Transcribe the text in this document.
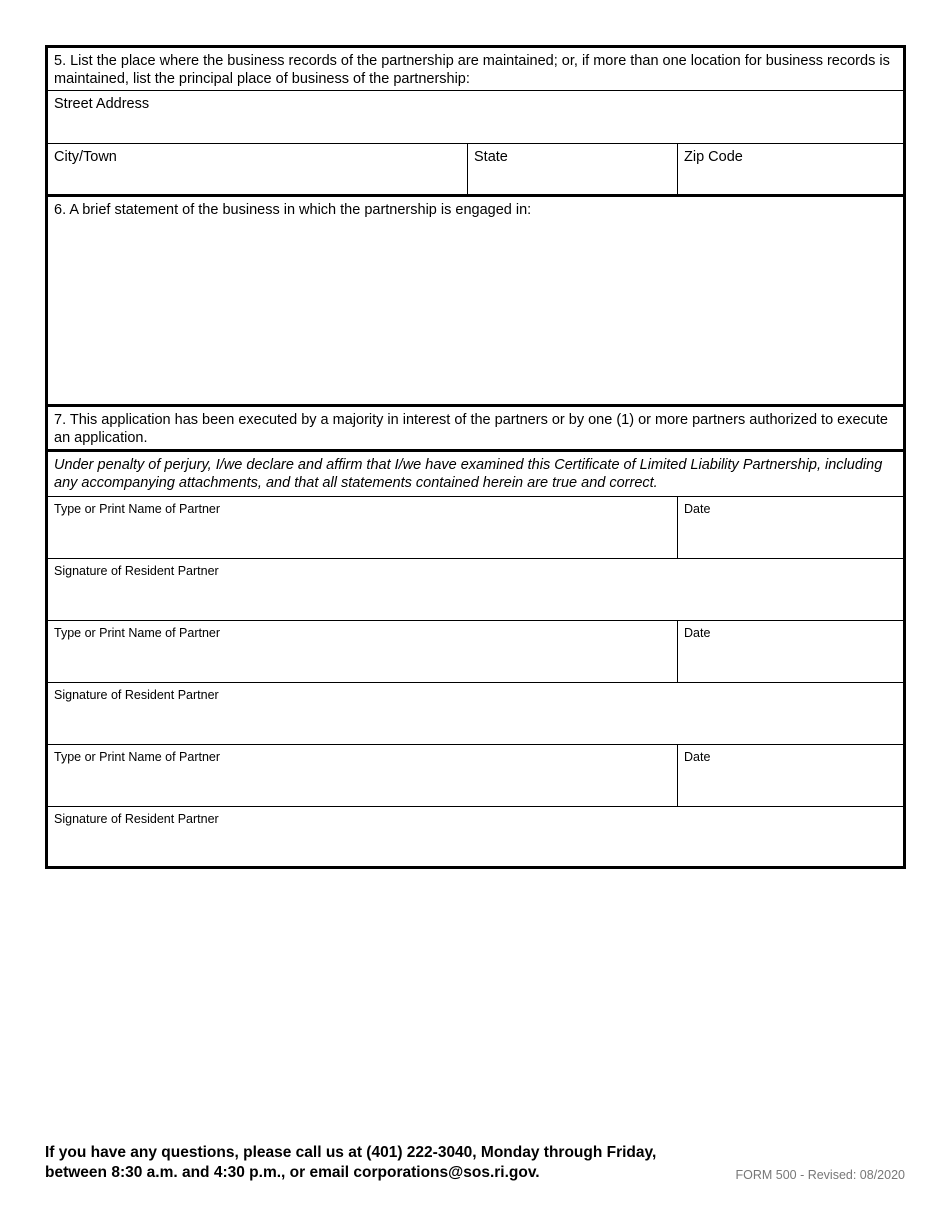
5. List the place where the business records of the partnership are maintained; or, if more than one location for business records is maintained, list the principal place of business of the partnership:
Street Address
City/Town	State	Zip Code
6. A brief statement of the business in which the partnership is engaged in:
7. This application has been executed by a majority in interest of the partners or by one (1) or more partners authorized to execute an application.
Under penalty of perjury, I/we declare and affirm that I/we have examined this Certificate of Limited Liability Partnership, including any accompanying attachments, and that all statements contained herein are true and correct.
Type or Print Name of Partner	Date
Signature of Resident Partner
Type or Print Name of Partner	Date
Signature of Resident Partner
Type or Print Name of Partner	Date
Signature of Resident Partner
If you have any questions, please call us at (401) 222-3040, Monday through Friday,
between 8:30 a.m. and 4:30 p.m., or email corporations@sos.ri.gov.	FORM 500 - Revised: 08/2020
